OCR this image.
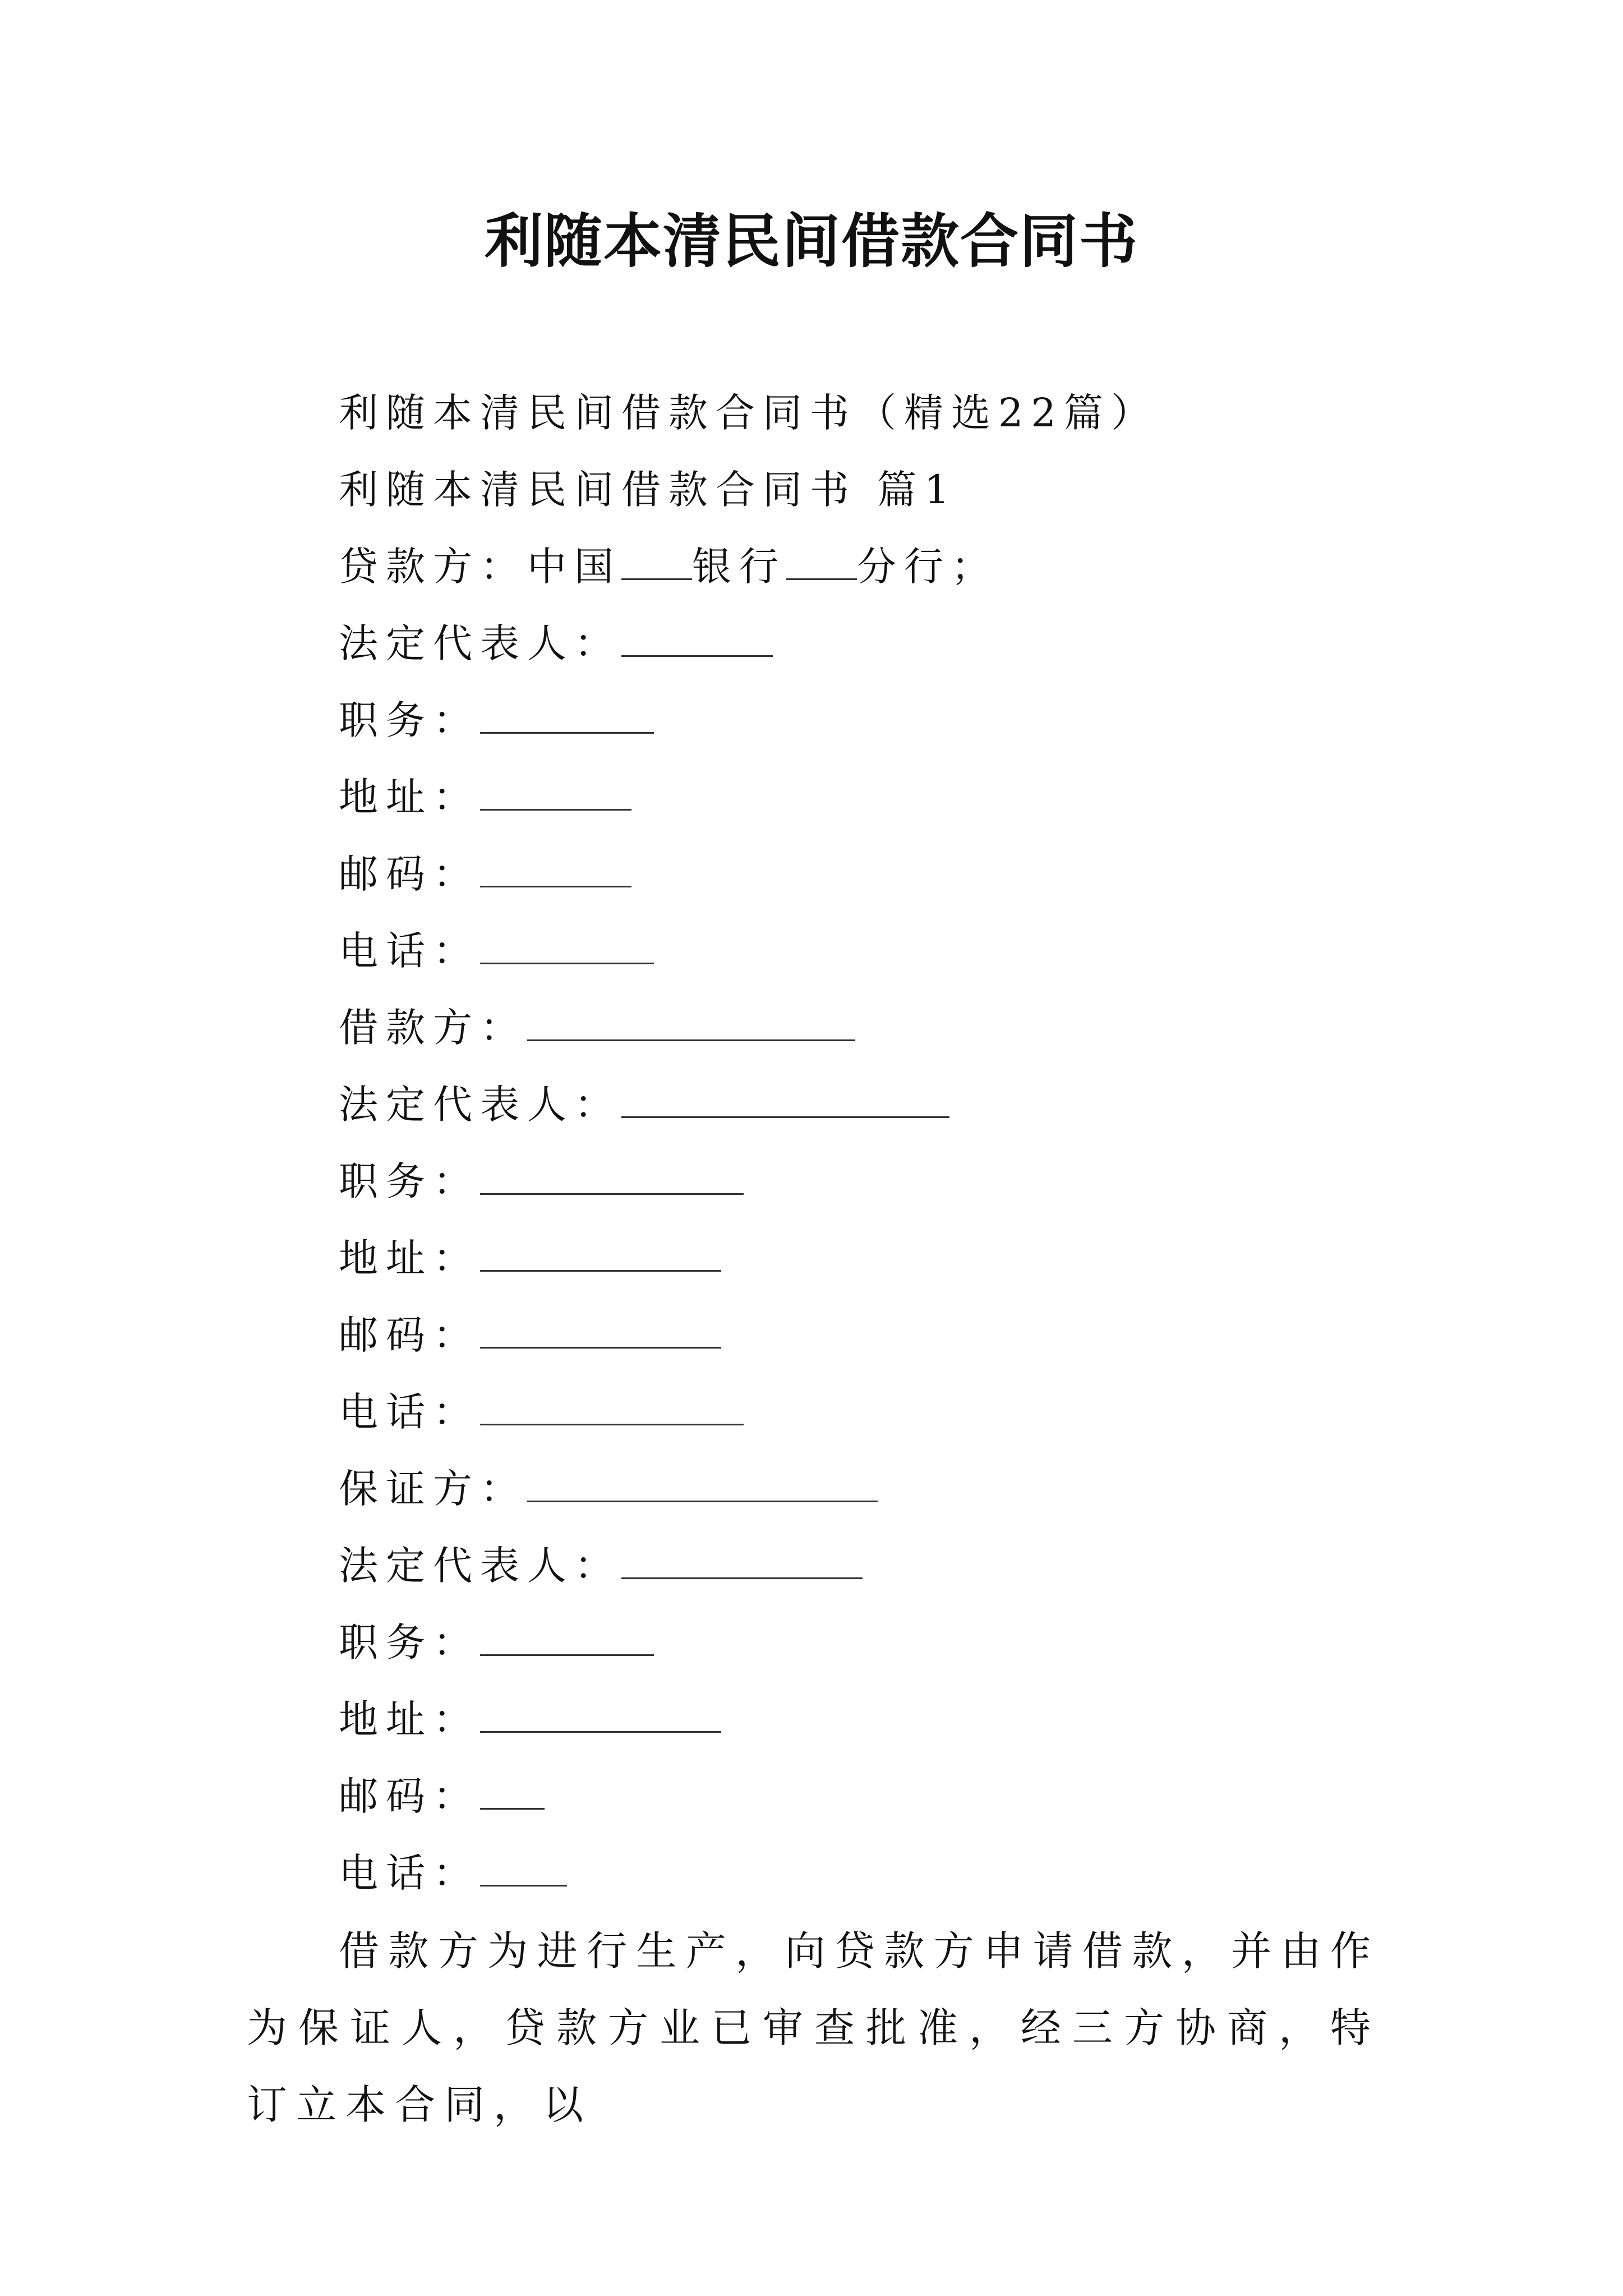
利随本清民间借款合同书
利随本清民间借款合同书（精选22篇）
利随本清民间借款合同书 篇1
贷款方：中国 银行 分行；
法定代表人：
职务：
地址：
邮码：
电话：
借款方：
法定代表人：
职务：
地址：
邮码：
电话：
保证方：
法定代表人：
职务：
地址：
邮码：
电话：
借款方为进行生产，向贷款方申请借款，并由作为保证人，贷款方业已审查批准，经三方协商，特订立本合同，以
